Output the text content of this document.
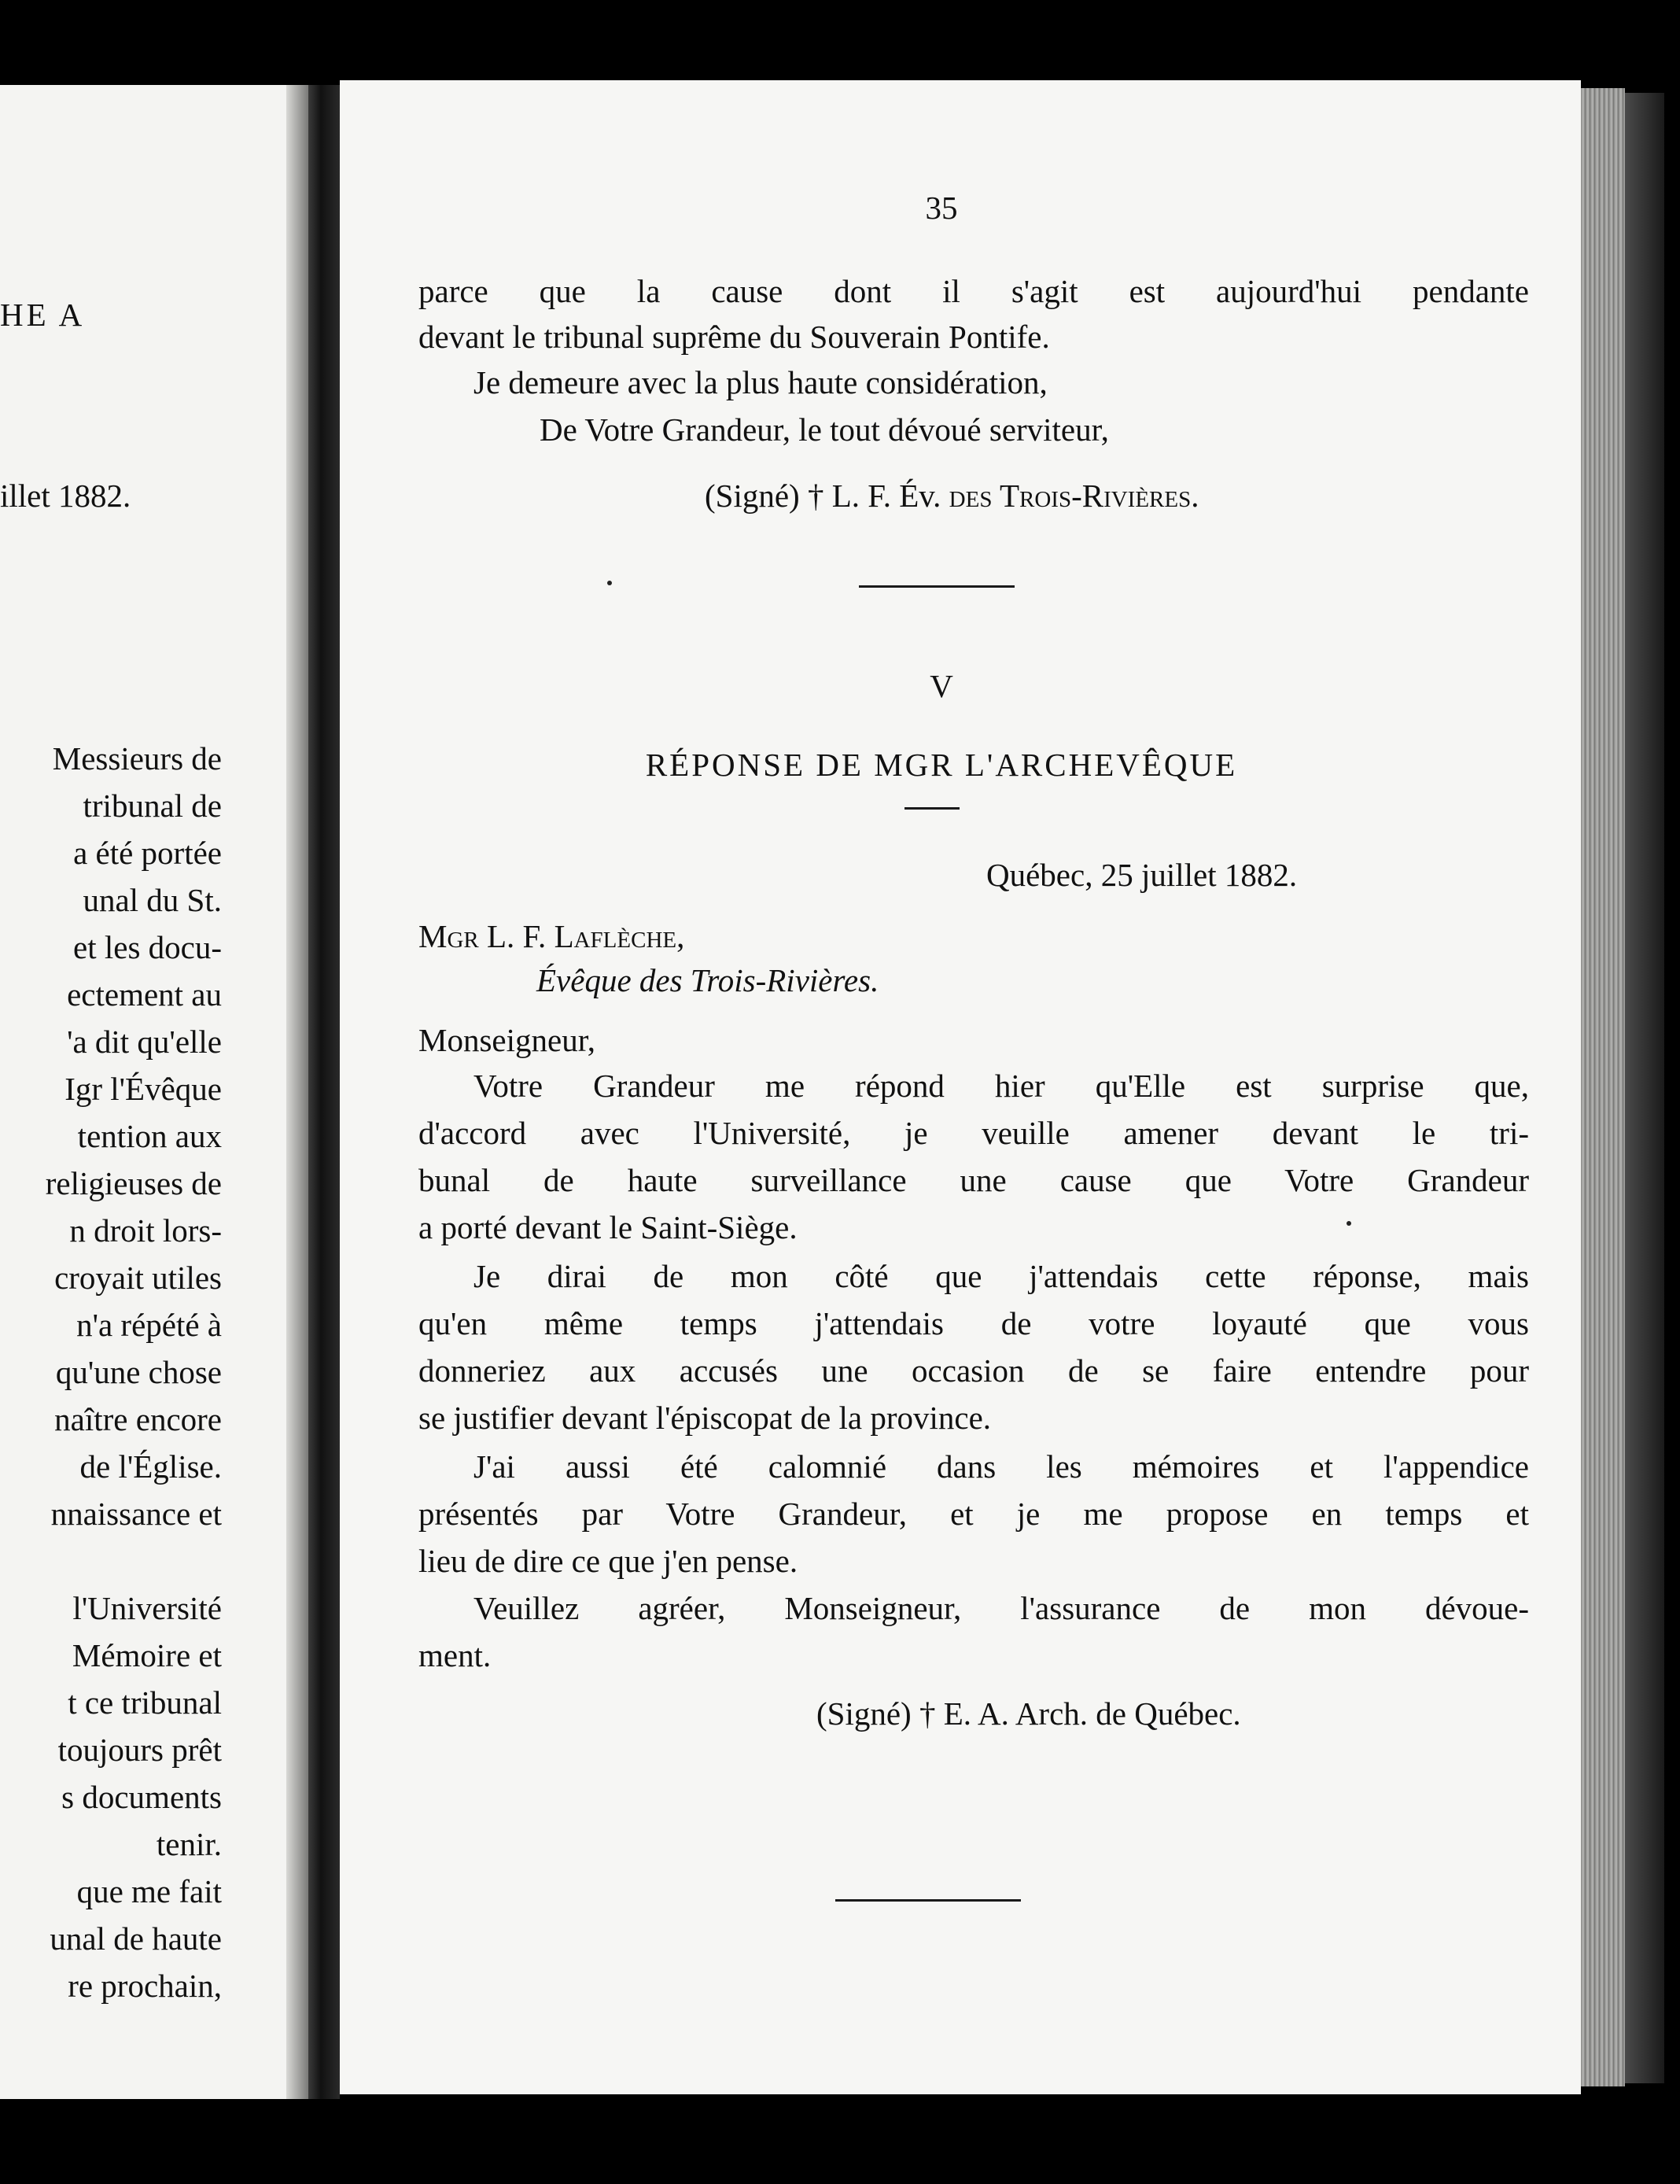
HE A
illet 1882.
Messieurs de
tribunal de
a été portée
unal du St.
et les docu-
ectement au
'a dit qu'elle
Igr l'Évêque
tention aux
religieuses de
n droit lors-
croyait utiles
n'a répété à
qu'une chose
naître encore
de l'Église.
nnaissance et
l'Université
Mémoire et
t ce tribunal
toujours prêt
s documents
tenir.
que me fait
unal de haute
re prochain,
35
parce que la cause dont il s'agit est aujourd'hui pendante
devant le tribunal suprême du Souverain Pontife.
Je demeure avec la plus haute considération,
De Votre Grandeur, le tout dévoué serviteur,
(Signé) † L. F. Év. des Trois-Rivières.
V
RÉPONSE DE MGR L'ARCHEVÊQUE
Québec, 25 juillet 1882.
Mgr L. F. Laflèche,
Évêque des Trois-Rivières.
Monseigneur,
Votre Grandeur me répond hier qu'Elle est surprise que,
d'accord avec l'Université, je veuille amener devant le tri-
bunal de haute surveillance une cause que Votre Grandeur
a porté devant le Saint-Siège.
Je dirai de mon côté que j'attendais cette réponse, mais
qu'en même temps j'attendais de votre loyauté que vous
donneriez aux accusés une occasion de se faire entendre pour
se justifier devant l'épiscopat de la province.
J'ai aussi été calomnié dans les mémoires et l'appendice
présentés par Votre Grandeur, et je me propose en temps et
lieu de dire ce que j'en pense.
Veuillez agréer, Monseigneur, l'assurance de mon dévoue-
ment.
(Signé) † E. A. Arch. de Québec.
